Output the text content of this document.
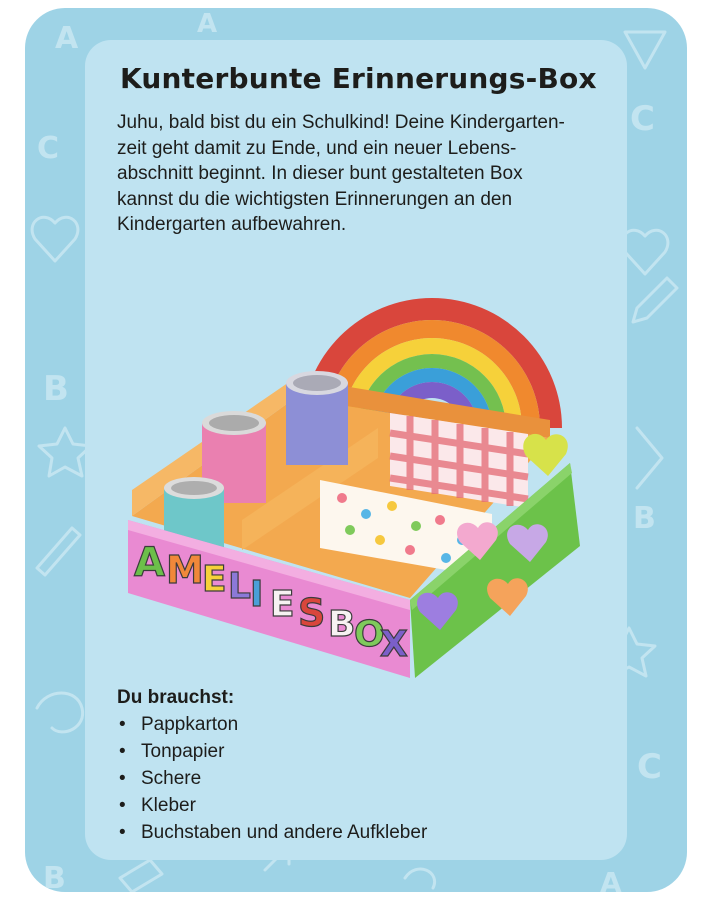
A	A
C
B
B
B	A
C
C
Kunterbunte Erinnerungs-Box

Juhu, bald bist du ein Schulkind! Deine Kindergarten-
zeit geht damit zu Ende, und ein neuer Lebens-
abschnitt beginnt. In dieser bunt gestalteten Box
kannst du die wichtigsten Erinnerungen an den
Kindergarten aufbewahren.

A M
E L I E S B
O
X
Du brauchst:
• Pappkarton
• Tonpapier
• Schere
• Kleber
• Buchstaben und andere Aufkleber
